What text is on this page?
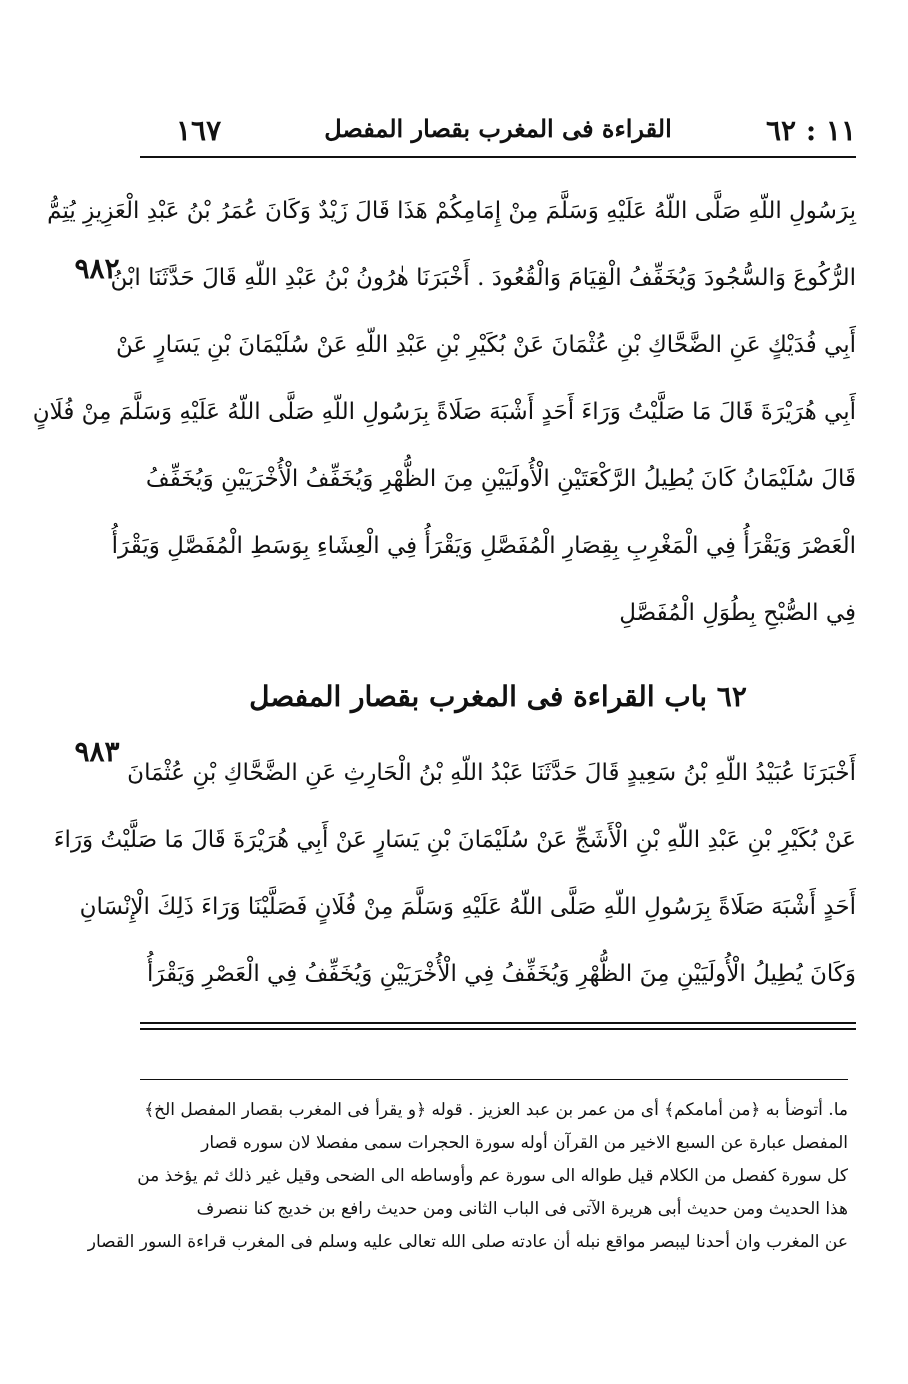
١١ : ٦٢
القراءة فى المغرب بقصار المفصل
١٦٧
٩٨٢
بِرَسُولِ اللّهِ صَلَّى اللّهُ عَلَيْهِ وَسَلَّمَ مِنْ إِمَامِكُمْ هَذَا قَالَ زَيْدٌ وَكَانَ عُمَرُ بْنُ عَبْدِ الْعَزِيزِ يُتِمُّ
الرُّكُوعَ وَالسُّجُودَ وَيُخَفِّفُ الْقِيَامَ وَالْقُعُودَ . أَخْبَرَنَا هٰرُونُ بْنُ عَبْدِ اللّهِ قَالَ حَدَّثَنَا ابْنُ
أَبِي فُدَيْكٍ عَنِ الضَّحَّاكِ بْنِ عُثْمَانَ عَنْ بُكَيْرِ بْنِ عَبْدِ اللّهِ عَنْ سُلَيْمَانَ بْنِ يَسَارٍ عَنْ
أَبِي هُرَيْرَةَ قَالَ مَا صَلَّيْتُ وَرَاءَ أَحَدٍ أَشْبَهَ صَلَاةً بِرَسُولِ اللّهِ صَلَّى اللّهُ عَلَيْهِ وَسَلَّمَ مِنْ فُلَانٍ
قَالَ سُلَيْمَانُ كَانَ يُطِيلُ الرَّكْعَتَيْنِ الْأُولَيَيْنِ مِنَ الظُّهْرِ وَيُخَفِّفُ الْأُخْرَيَيْنِ وَيُخَفِّفُ
الْعَصْرَ وَيَقْرَأُ فِي الْمَغْرِبِ بِقِصَارِ الْمُفَصَّلِ وَيَقْرَأُ فِي الْعِشَاءِ بِوَسَطِ الْمُفَصَّلِ وَيَقْرَأُ
فِي الصُّبْحِ بِطُوَلِ الْمُفَصَّلِ
٦٢ باب القراءة فى المغرب بقصار المفصل
٩٨٣
أَخْبَرَنَا عُبَيْدُ اللّهِ بْنُ سَعِيدٍ قَالَ حَدَّثَنَا عَبْدُ اللّهِ بْنُ الْحَارِثِ عَنِ الضَّحَّاكِ بْنِ عُثْمَانَ
عَنْ بُكَيْرِ بْنِ عَبْدِ اللّهِ بْنِ الْأَشَجِّ عَنْ سُلَيْمَانَ بْنِ يَسَارٍ عَنْ أَبِي هُرَيْرَةَ قَالَ مَا صَلَّيْتُ وَرَاءَ
أَحَدٍ أَشْبَهَ صَلَاةً بِرَسُولِ اللّهِ صَلَّى اللّهُ عَلَيْهِ وَسَلَّمَ مِنْ فُلَانٍ فَصَلَّيْنَا وَرَاءَ ذَلِكَ الْإِنْسَانِ
وَكَانَ يُطِيلُ الْأُولَيَيْنِ مِنَ الظُّهْرِ وَيُخَفِّفُ فِي الْأُخْرَيَيْنِ وَيُخَفِّفُ فِي الْعَصْرِ وَيَقْرَأُ
ما. أتوضأ به ﴿من أمامكم﴾ أى من عمر بن عبد العزيز . قوله ﴿و يقرأ فى المغرب بقصار المفصل الخ﴾
المفصل عبارة عن السبع الاخير من القرآن أوله سورة الحجرات سمى مفصلا لان سوره قصار
كل سورة كفصل من الكلام قيل طواله الى سورة عم وأوساطه الى الضحى وقيل غير ذلك ثم يؤخذ من
هذا الحديث ومن حديث أبى هريرة الآتى فى الباب الثانى ومن حديث رافع بن خديج كنا ننصرف
عن المغرب وان أحدنا ليبصر مواقع نبله أن عادته صلى الله تعالى عليه وسلم فى المغرب قراءة السور القصار
